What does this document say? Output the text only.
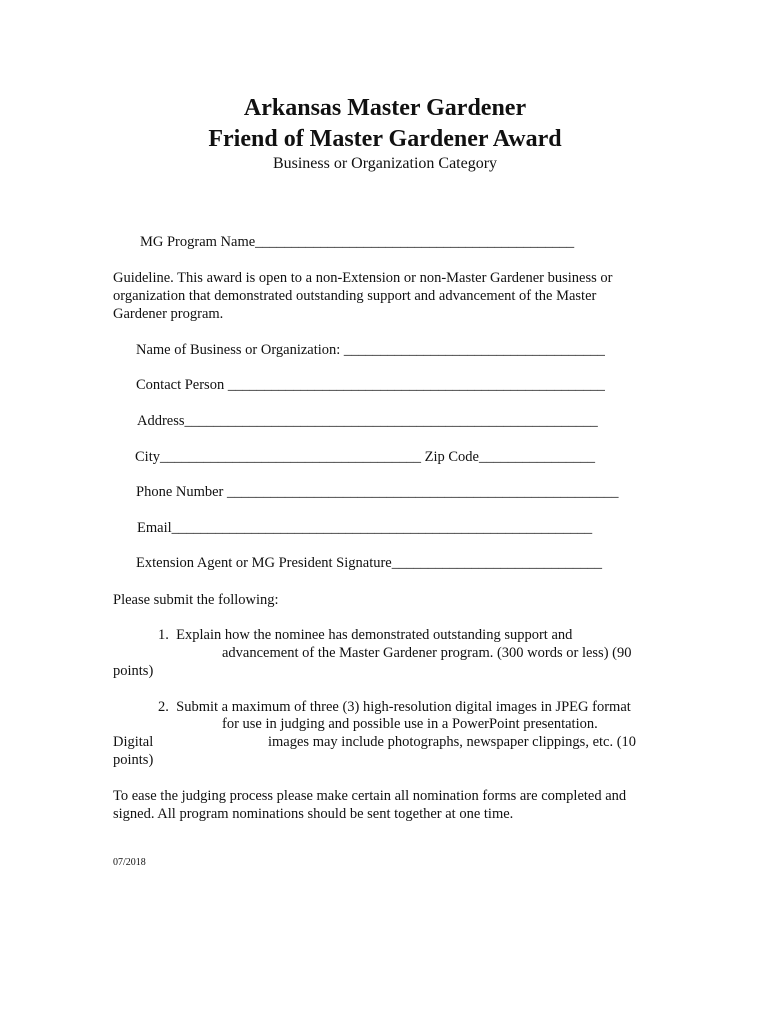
Arkansas Master Gardener
Friend of Master Gardener Award
Business or Organization Category
MG Program Name____________________________________________
Guideline. This award is open to a non-Extension or non-Master Gardener business or
organization that demonstrated outstanding support and advancement of the Master
Gardener program.
Name of Business or Organization: ____________________________________
Contact Person ____________________________________________________
Address_________________________________________________________
City____________________________________ Zip Code________________
Phone Number ______________________________________________________
Email__________________________________________________________
Extension Agent or MG President Signature_____________________________
Please submit the following:
1.  Explain how the nominee has demonstrated outstanding support and
advancement of the Master Gardener program. (300 words or less) (90
points)
2.  Submit a maximum of three (3) high-resolution digital images in JPEG format
for use in judging and possible use in a PowerPoint presentation.
Digital	images may include photographs, newspaper clippings, etc. (10
points)
To ease the judging process please make certain all nomination forms are completed and
signed. All program nominations should be sent together at one time.
07/2018
